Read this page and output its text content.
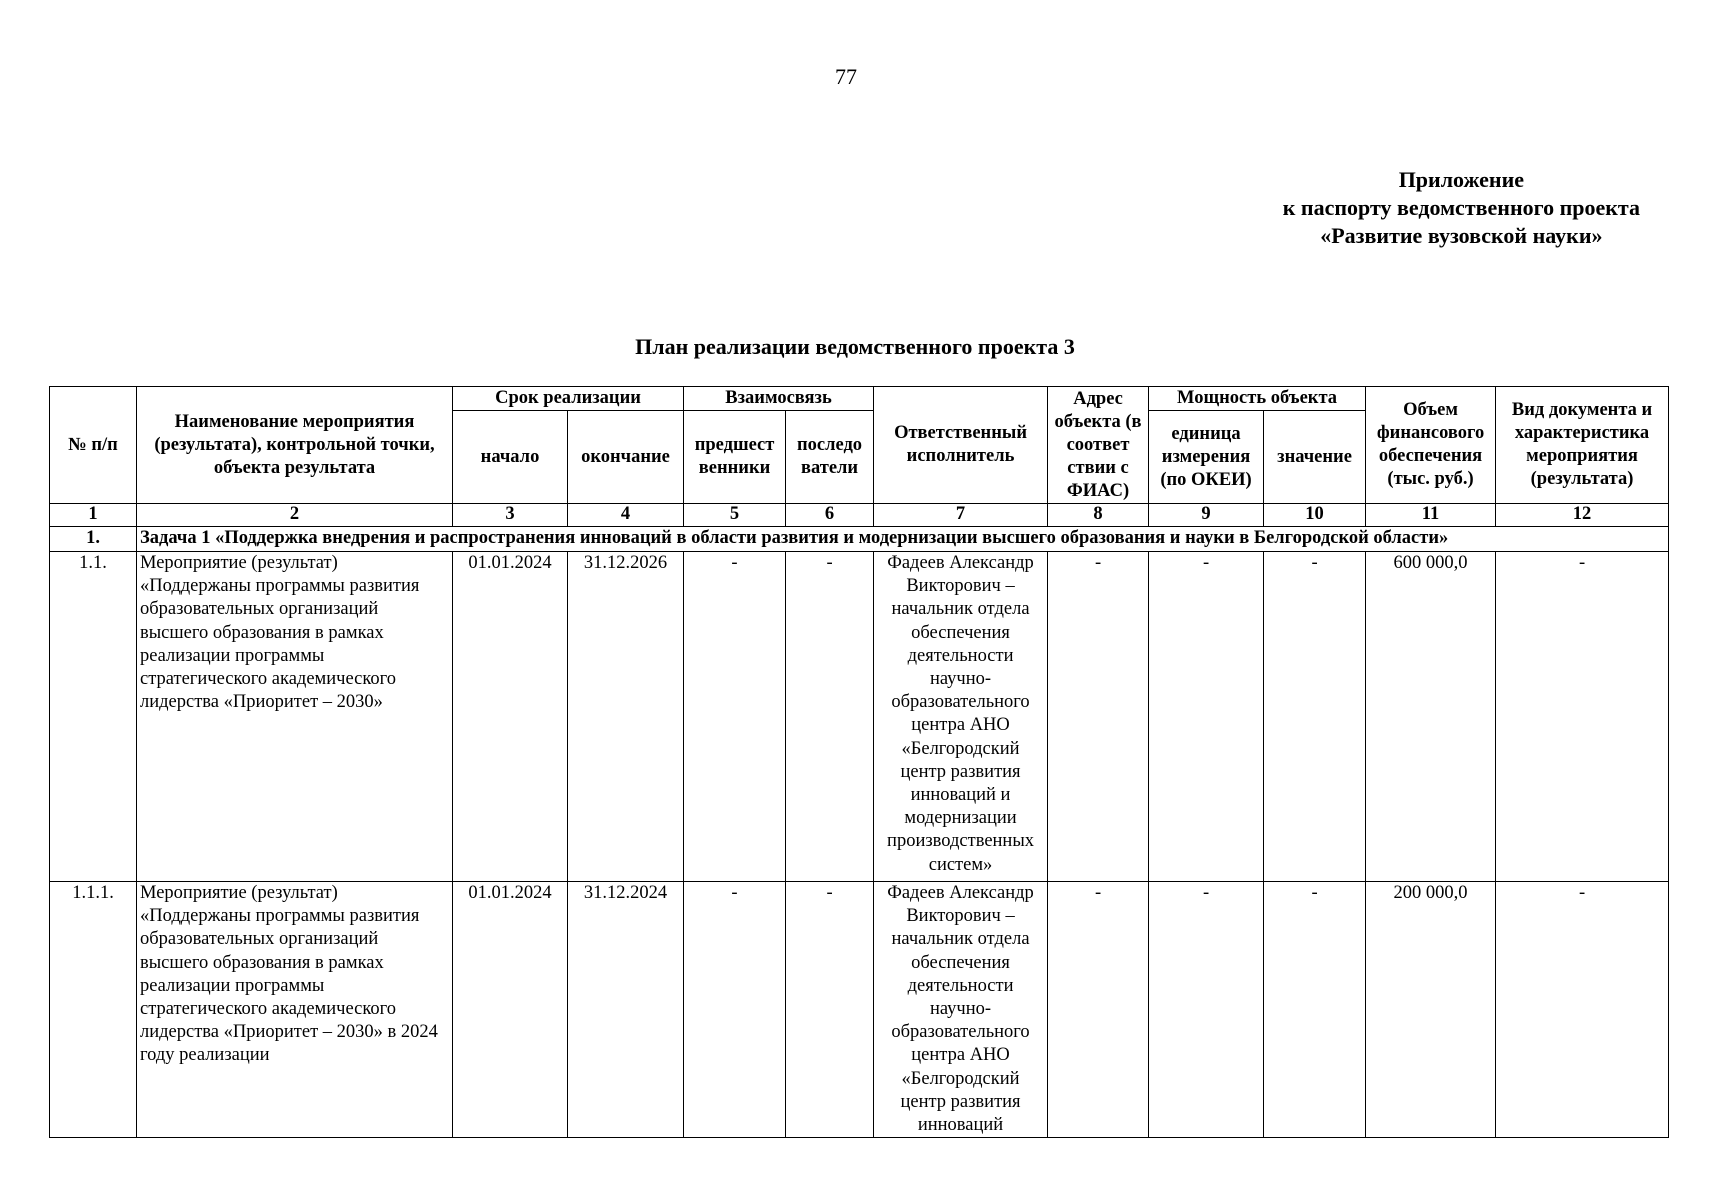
77
Приложение
к паспорту ведомственного проекта
«Развитие вузовской науки»
План реализации ведомственного проекта 3
№ п/п	Наименование мероприятия (результата), контрольной точки, объекта результата	Срок реализации		Взаимосвязь		Ответственный исполнитель	Адрес объекта (в соответ ствии с ФИАС)	Мощность объекта		Объем финансового обеспечения (тыс. руб.)	Вид документа и характеристика мероприятия (результата)
		начало	окончание	предшест венники	последо ватели			единица измерения (по ОКЕИ)	значение		
1	2	3	4	5	6	7	8	9	10	11	12
1.	Задача 1 «Поддержка внедрения и распространения инноваций в области развития и модернизации высшего образования и науки в Белгородской области»										
1.1.	Мероприятие (результат) «Поддержаны программы развития образовательных организаций высшего образования в рамках реализации программы стратегического академического лидерства «Приоритет – 2030»	01.01.2024	31.12.2026	-	-	Фадеев Александр Викторович – начальник отдела обеспечения деятельности научно-образовательного центра АНО «Белгородский центр развития инноваций и модернизации производственных систем»	-	-	-	600 000,0	-
1.1.1.	Мероприятие (результат) «Поддержаны программы развития образовательных организаций высшего образования в рамках реализации программы стратегического академического лидерства «Приоритет – 2030» в 2024 году реализации	01.01.2024	31.12.2024	-	-	Фадеев Александр Викторович – начальник отдела обеспечения деятельности научно-образовательного центра АНО «Белгородский центр развития инноваций	-	-	-	200 000,0	-
